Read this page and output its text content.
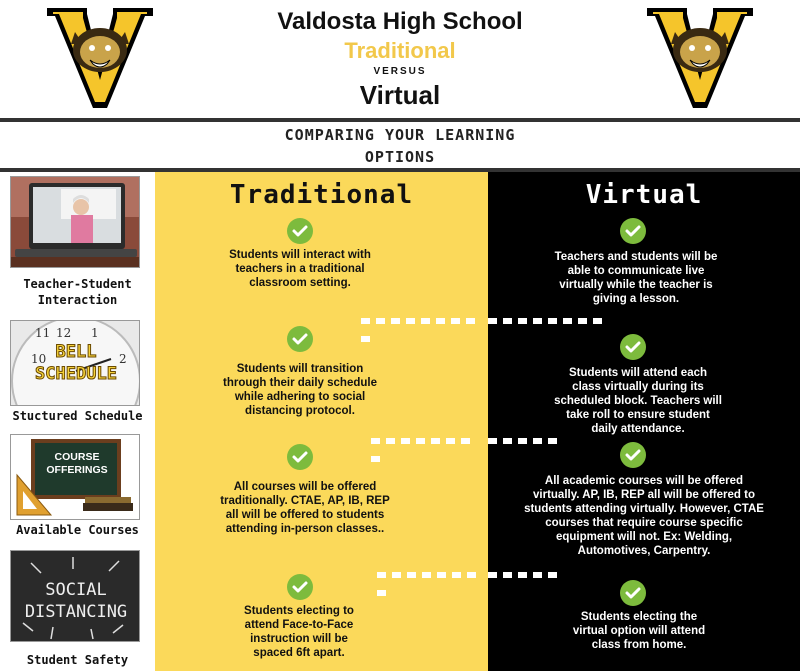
Valdosta High School
Traditional
VERSUS
Virtual
COMPARING YOUR LEARNING
OPTIONS
Teacher-Student Interaction
10
12
11	1
2
BELL SCHEDULE
Stuctured Schedule
COURSE OFFERINGS
Available Courses
SOCIAL
DISTANCING
Student Safety
Traditional
Students will interact with teachers in a traditional classroom setting.
Students will transition through their daily schedule while adhering to social distancing protocol.
All courses will be offered traditionally. CTAE, AP, IB, REP all will be offered to students attending in-person classes..
Students electing to attend Face-to-Face instruction will be spaced 6ft apart.
Virtual
Teachers and students will be able to communicate live virtually while the teacher is giving a lesson.
Students will attend each class virtually during its scheduled block. Teachers will take roll to ensure student daily attendance.
All academic courses will be offered virtually. AP, IB, REP all will be offered to students attending virtually. However, CTAE courses that require course specific equipment will not. Ex: Welding, Automotives, Carpentry.
Students electing the virtual option will attend class from home.
